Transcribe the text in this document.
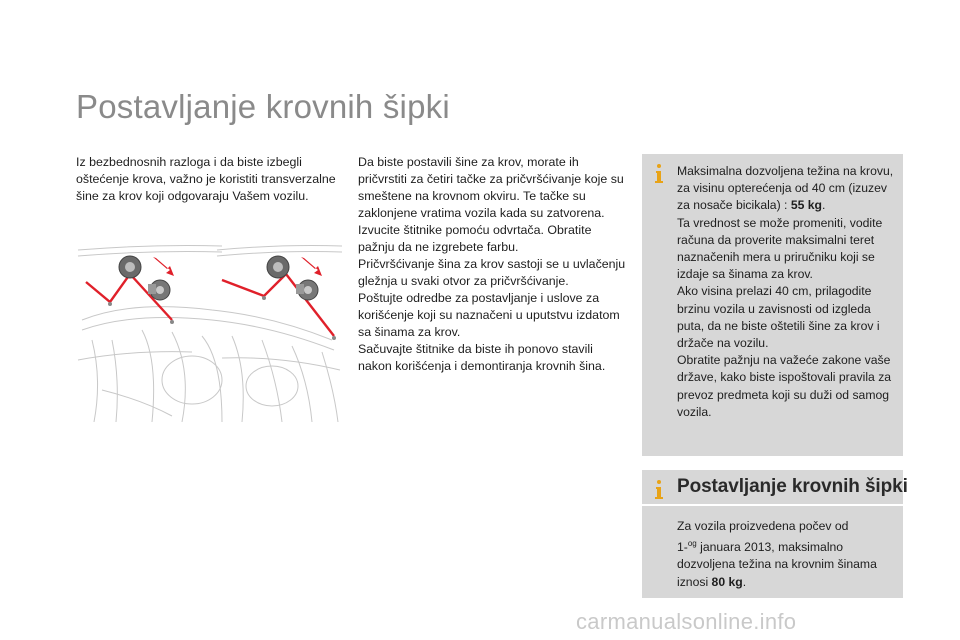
Postavljanje krovnih šipki

Iz bezbednosnih razloga i da biste izbegli oštećenje krova, važno je koristiti transverzalne šine za krov koji odgovaraju Vašem vozilu.

Da biste postavili šine za krov, morate ih pričvrstiti za četiri tačke za pričvršćivanje koje su smeštene na krovnom okviru. Te tačke su zaklonjene vratima vozila kada su zatvorena.

Izvucite štitnike pomoću odvrtača. Obratite pažnju da ne izgrebete farbu.

Pričvršćivanje šina za krov sastoji se u uvlačenju gležnja u svaki otvor za pričvršćivanje.

Poštujte odredbe za postavljanje i uslove za korišćenje koji su naznačeni u uputstvu izdatom sa šinama za krov.

Sačuvajte štitnike da biste ih ponovo stavili nakon korišćenja i demontiranja krovnih šina.

Maksimalna dozvoljena težina na krovu, za visinu opterećenja od 40 cm (izuzev za nosače bicikala) : 55 kg.
Ta vrednost se može promeniti, vodite računa da proverite maksimalni teret naznačenih mera u priručniku koji se izdaje sa šinama za krov.
Ako visina prelazi 40 cm, prilagodite brzinu vozila u zavisnosti od izgleda puta, da ne biste oštetili šine za krov i držače na vozilu.
Obratite pažnju na važeće zakone vaše države, kako biste ispoštovali pravila za prevoz predmeta koji su duži od samog vozila.
Postavljanje krovnih šipki
Za vozila proizvedena počev od
1-$^{og}$ januara 2013, maksimalno
dozvoljena težina na krovnim šinama
iznosi 80 kg.
carmanualsonline.info
